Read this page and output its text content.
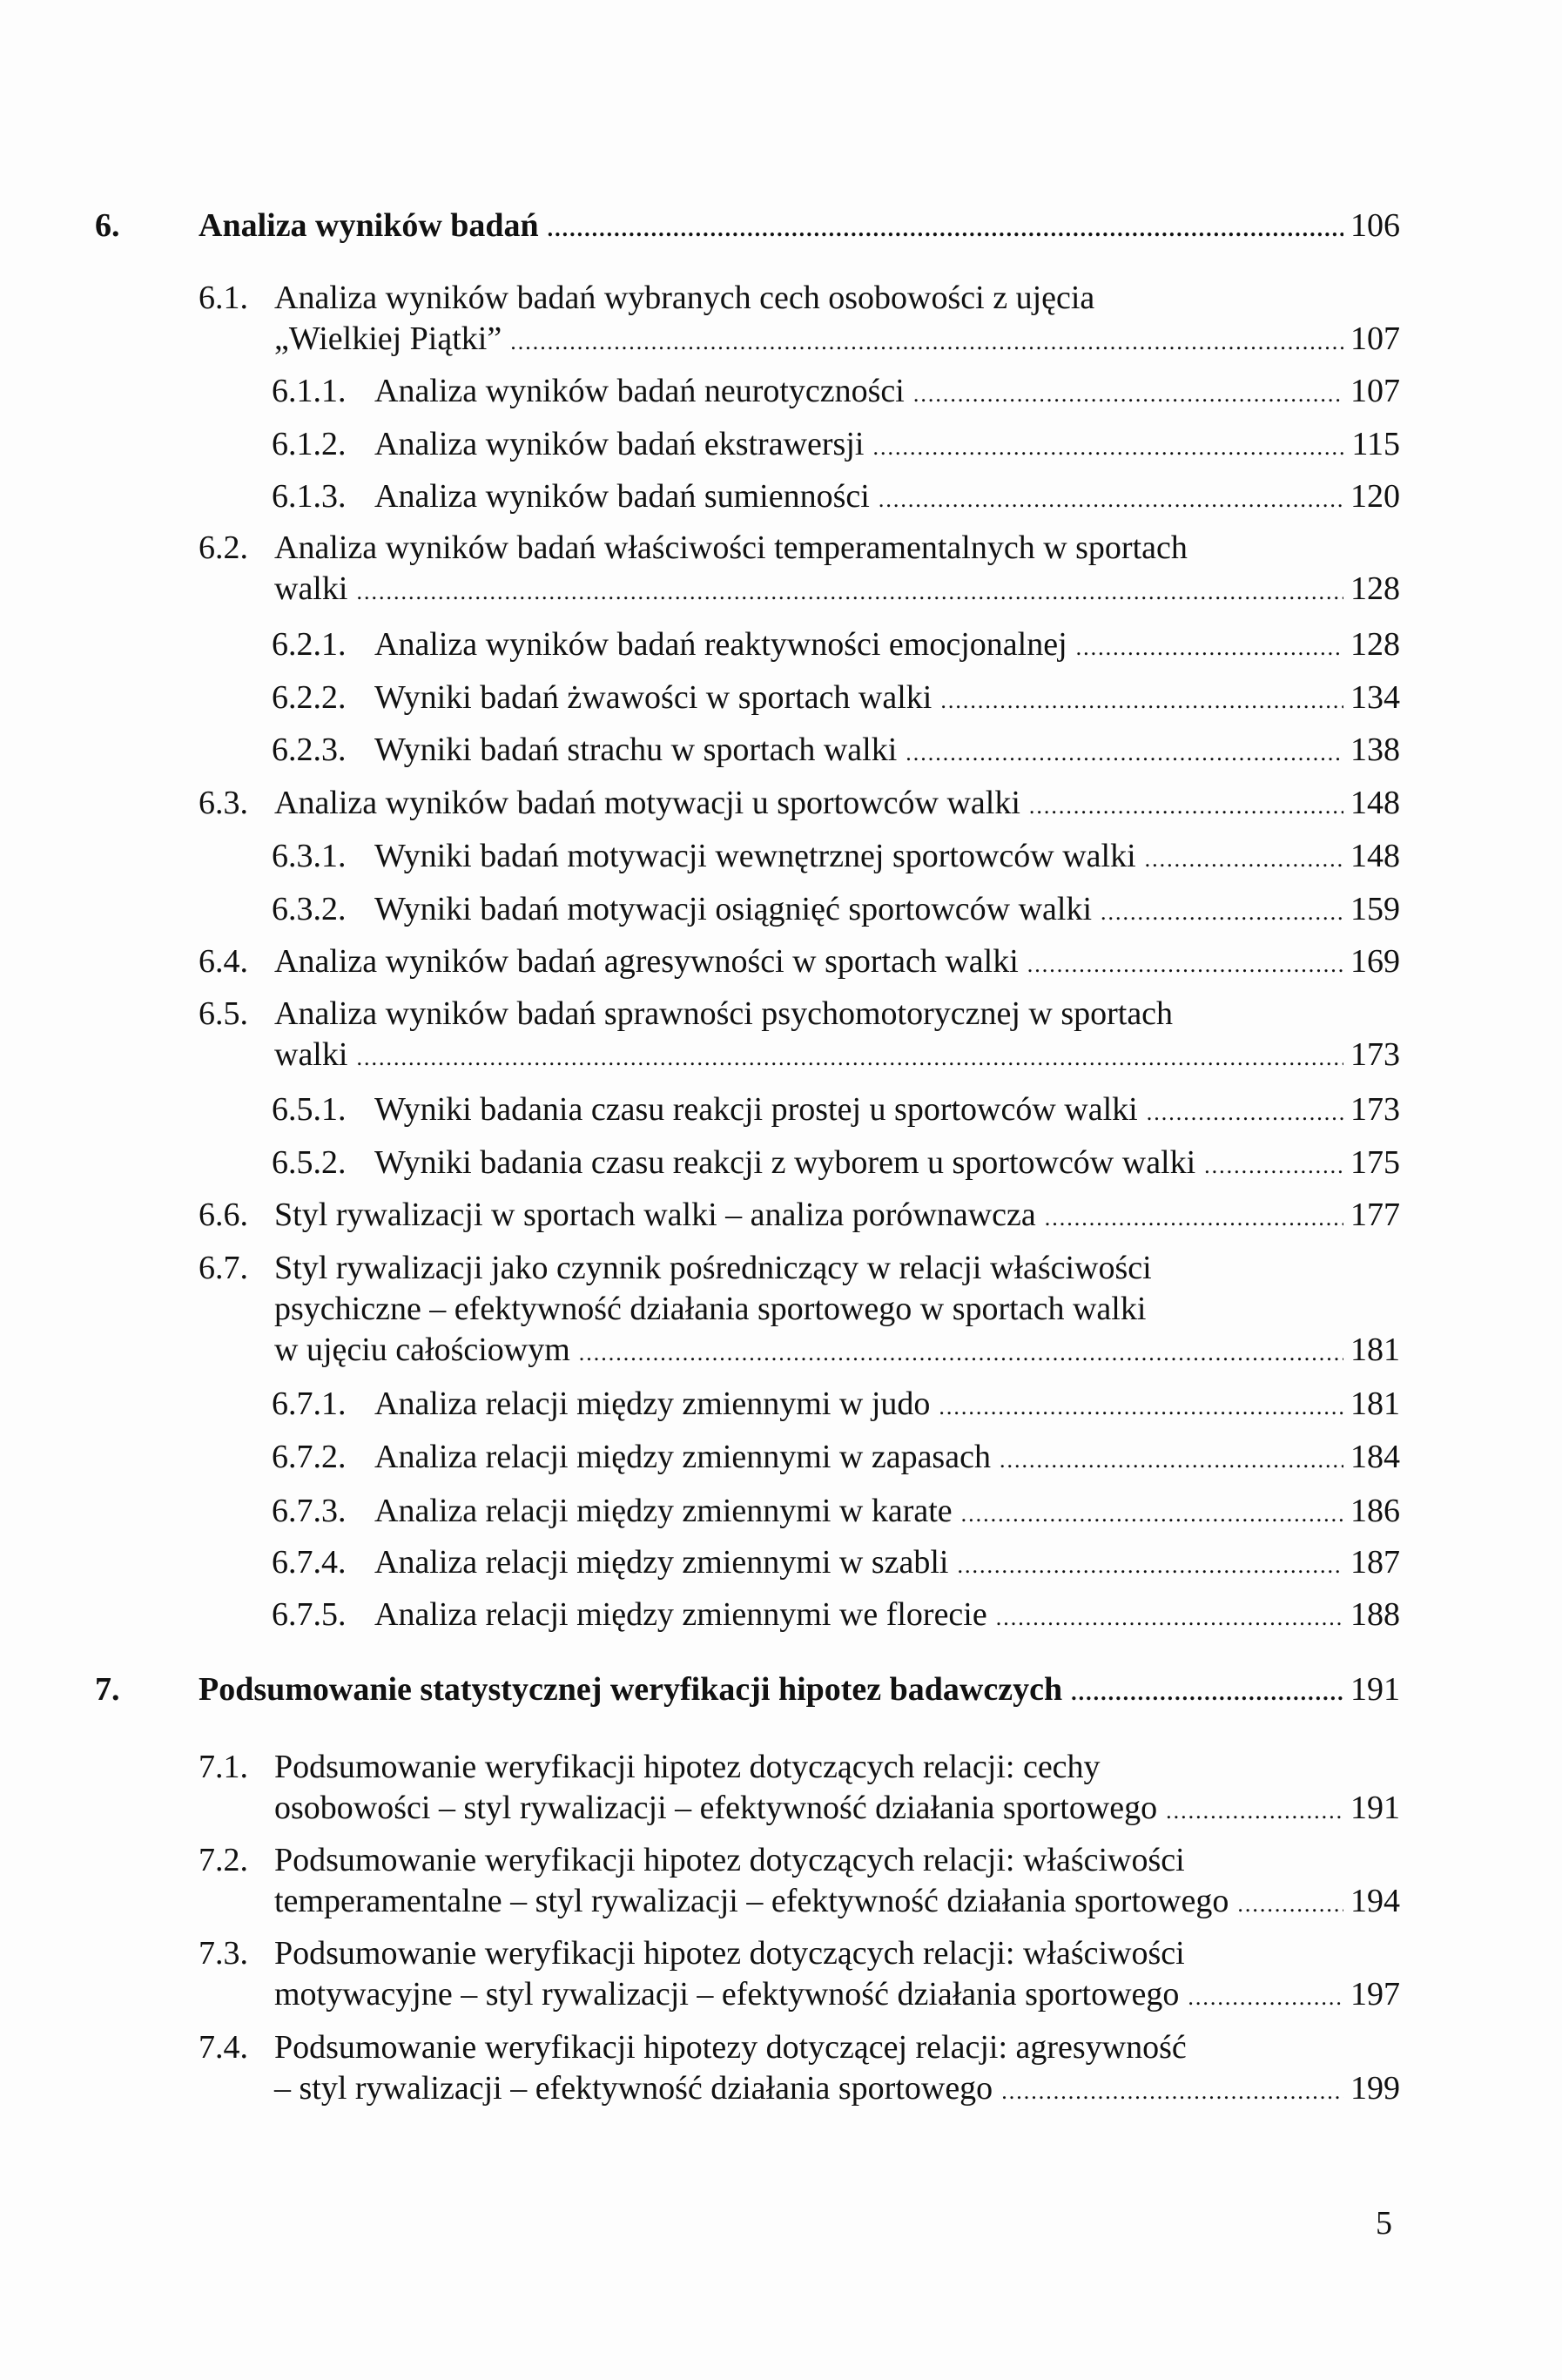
6. Analiza wyników badań .....	106
6.1. Analiza wyników badań wybranych cech osobowości z ujęcia
„Wielkiej Piątki” .....	107
6.1.1. Analiza wyników badań neurotyczności .....	107
6.1.2. Analiza wyników badań ekstrawersji .....	115
6.1.3. Analiza wyników badań sumienności .....	120
6.2. Analiza wyników badań właściwości temperamentalnych w sportach
walki .....	128
6.2.1. Analiza wyników badań reaktywności emocjonalnej .....	128
6.2.2. Wyniki badań żwawości w sportach walki .....	134
6.2.3. Wyniki badań strachu w sportach walki .....	138
6.3. Analiza wyników badań motywacji u sportowców walki .....	148
6.3.1. Wyniki badań motywacji wewnętrznej sportowców walki .....	148
6.3.2. Wyniki badań motywacji osiągnięć sportowców walki .....	159
6.4. Analiza wyników badań agresywności w sportach walki .....	169
6.5. Analiza wyników badań sprawności psychomotorycznej w sportach
walki .....	173
6.5.1. Wyniki badania czasu reakcji prostej u sportowców walki .....	173
6.5.2. Wyniki badania czasu reakcji z wyborem u sportowców walki .....	175
6.6. Styl rywalizacji w sportach walki – analiza porównawcza .....	177
6.7. Styl rywalizacji jako czynnik pośredniczący w relacji właściwości
psychiczne – efektywność działania sportowego w sportach walki
w ujęciu całościowym .....	181
6.7.1. Analiza relacji między zmiennymi w judo .....	181
6.7.2. Analiza relacji między zmiennymi w zapasach .....	184
6.7.3. Analiza relacji między zmiennymi w karate .....	186
6.7.4. Analiza relacji między zmiennymi w szabli .....	187
6.7.5. Analiza relacji między zmiennymi we florecie .....	188
7. Podsumowanie statystycznej weryfikacji hipotez badawczych .....	191
7.1. Podsumowanie weryfikacji hipotez dotyczących relacji: cechy
osobowości – styl rywalizacji – efektywność działania sportowego .....	191
7.2. Podsumowanie weryfikacji hipotez dotyczących relacji: właściwości
temperamentalne – styl rywalizacji – efektywność działania sportowego .....	194
7.3. Podsumowanie weryfikacji hipotez dotyczących relacji: właściwości
motywacyjne – styl rywalizacji – efektywność działania sportowego .....	197
7.4. Podsumowanie weryfikacji hipotezy dotyczącej relacji: agresywność
– styl rywalizacji – efektywność działania sportowego .....	199
5
